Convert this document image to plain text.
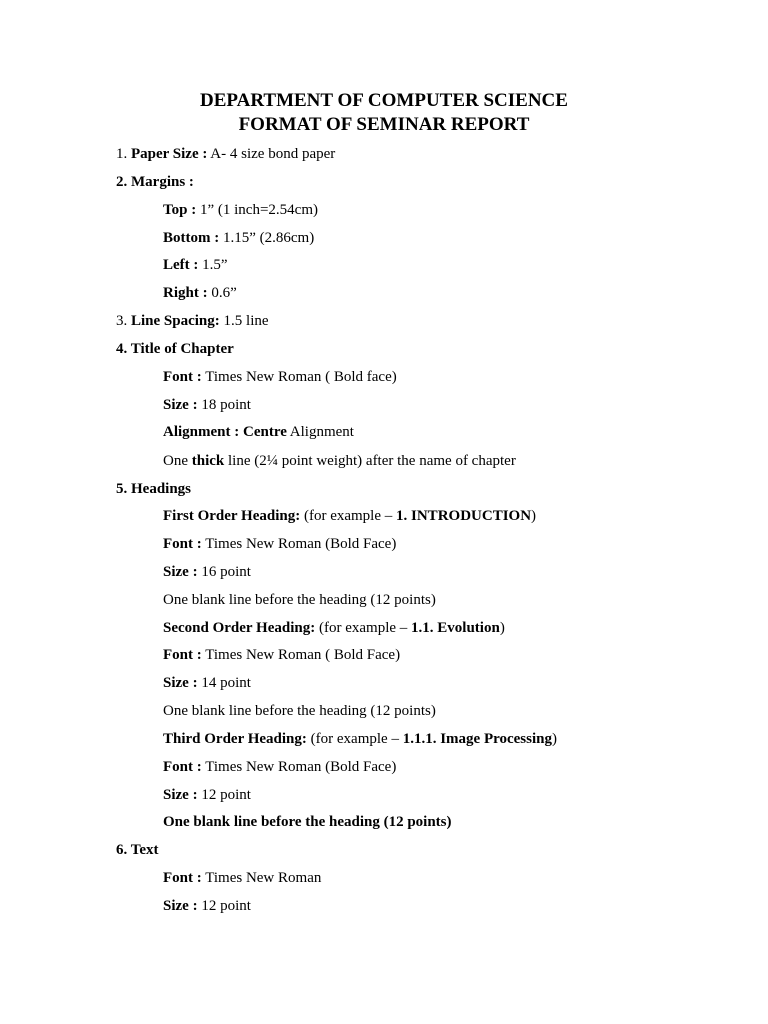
DEPARTMENT OF COMPUTER SCIENCE
FORMAT OF SEMINAR REPORT

1. Paper Size : A- 4 size bond paper

2. Margins :

Top : 1” (1 inch=2.54cm)

Bottom : 1.15” (2.86cm)

Left : 1.5”

Right : 0.6”

3. Line Spacing: 1.5 line

4. Title of Chapter

Font : Times New Roman ( Bold face)

Size : 18 point

Alignment : Centre Alignment

One thick line (2¼ point weight) after the name of chapter

5. Headings

First Order Heading: (for example – 1. INTRODUCTION)

Font : Times New Roman (Bold Face)

Size : 16 point

One blank line before the heading (12 points)

Second Order Heading: (for example – 1.1. Evolution)

Font : Times New Roman ( Bold Face)

Size : 14 point

One blank line before the heading (12 points)

Third Order Heading: (for example – 1.1.1. Image Processing)

Font : Times New Roman (Bold Face)

Size : 12 point

One blank line before the heading (12 points)

6. Text

Font : Times New Roman

Size : 12 point
